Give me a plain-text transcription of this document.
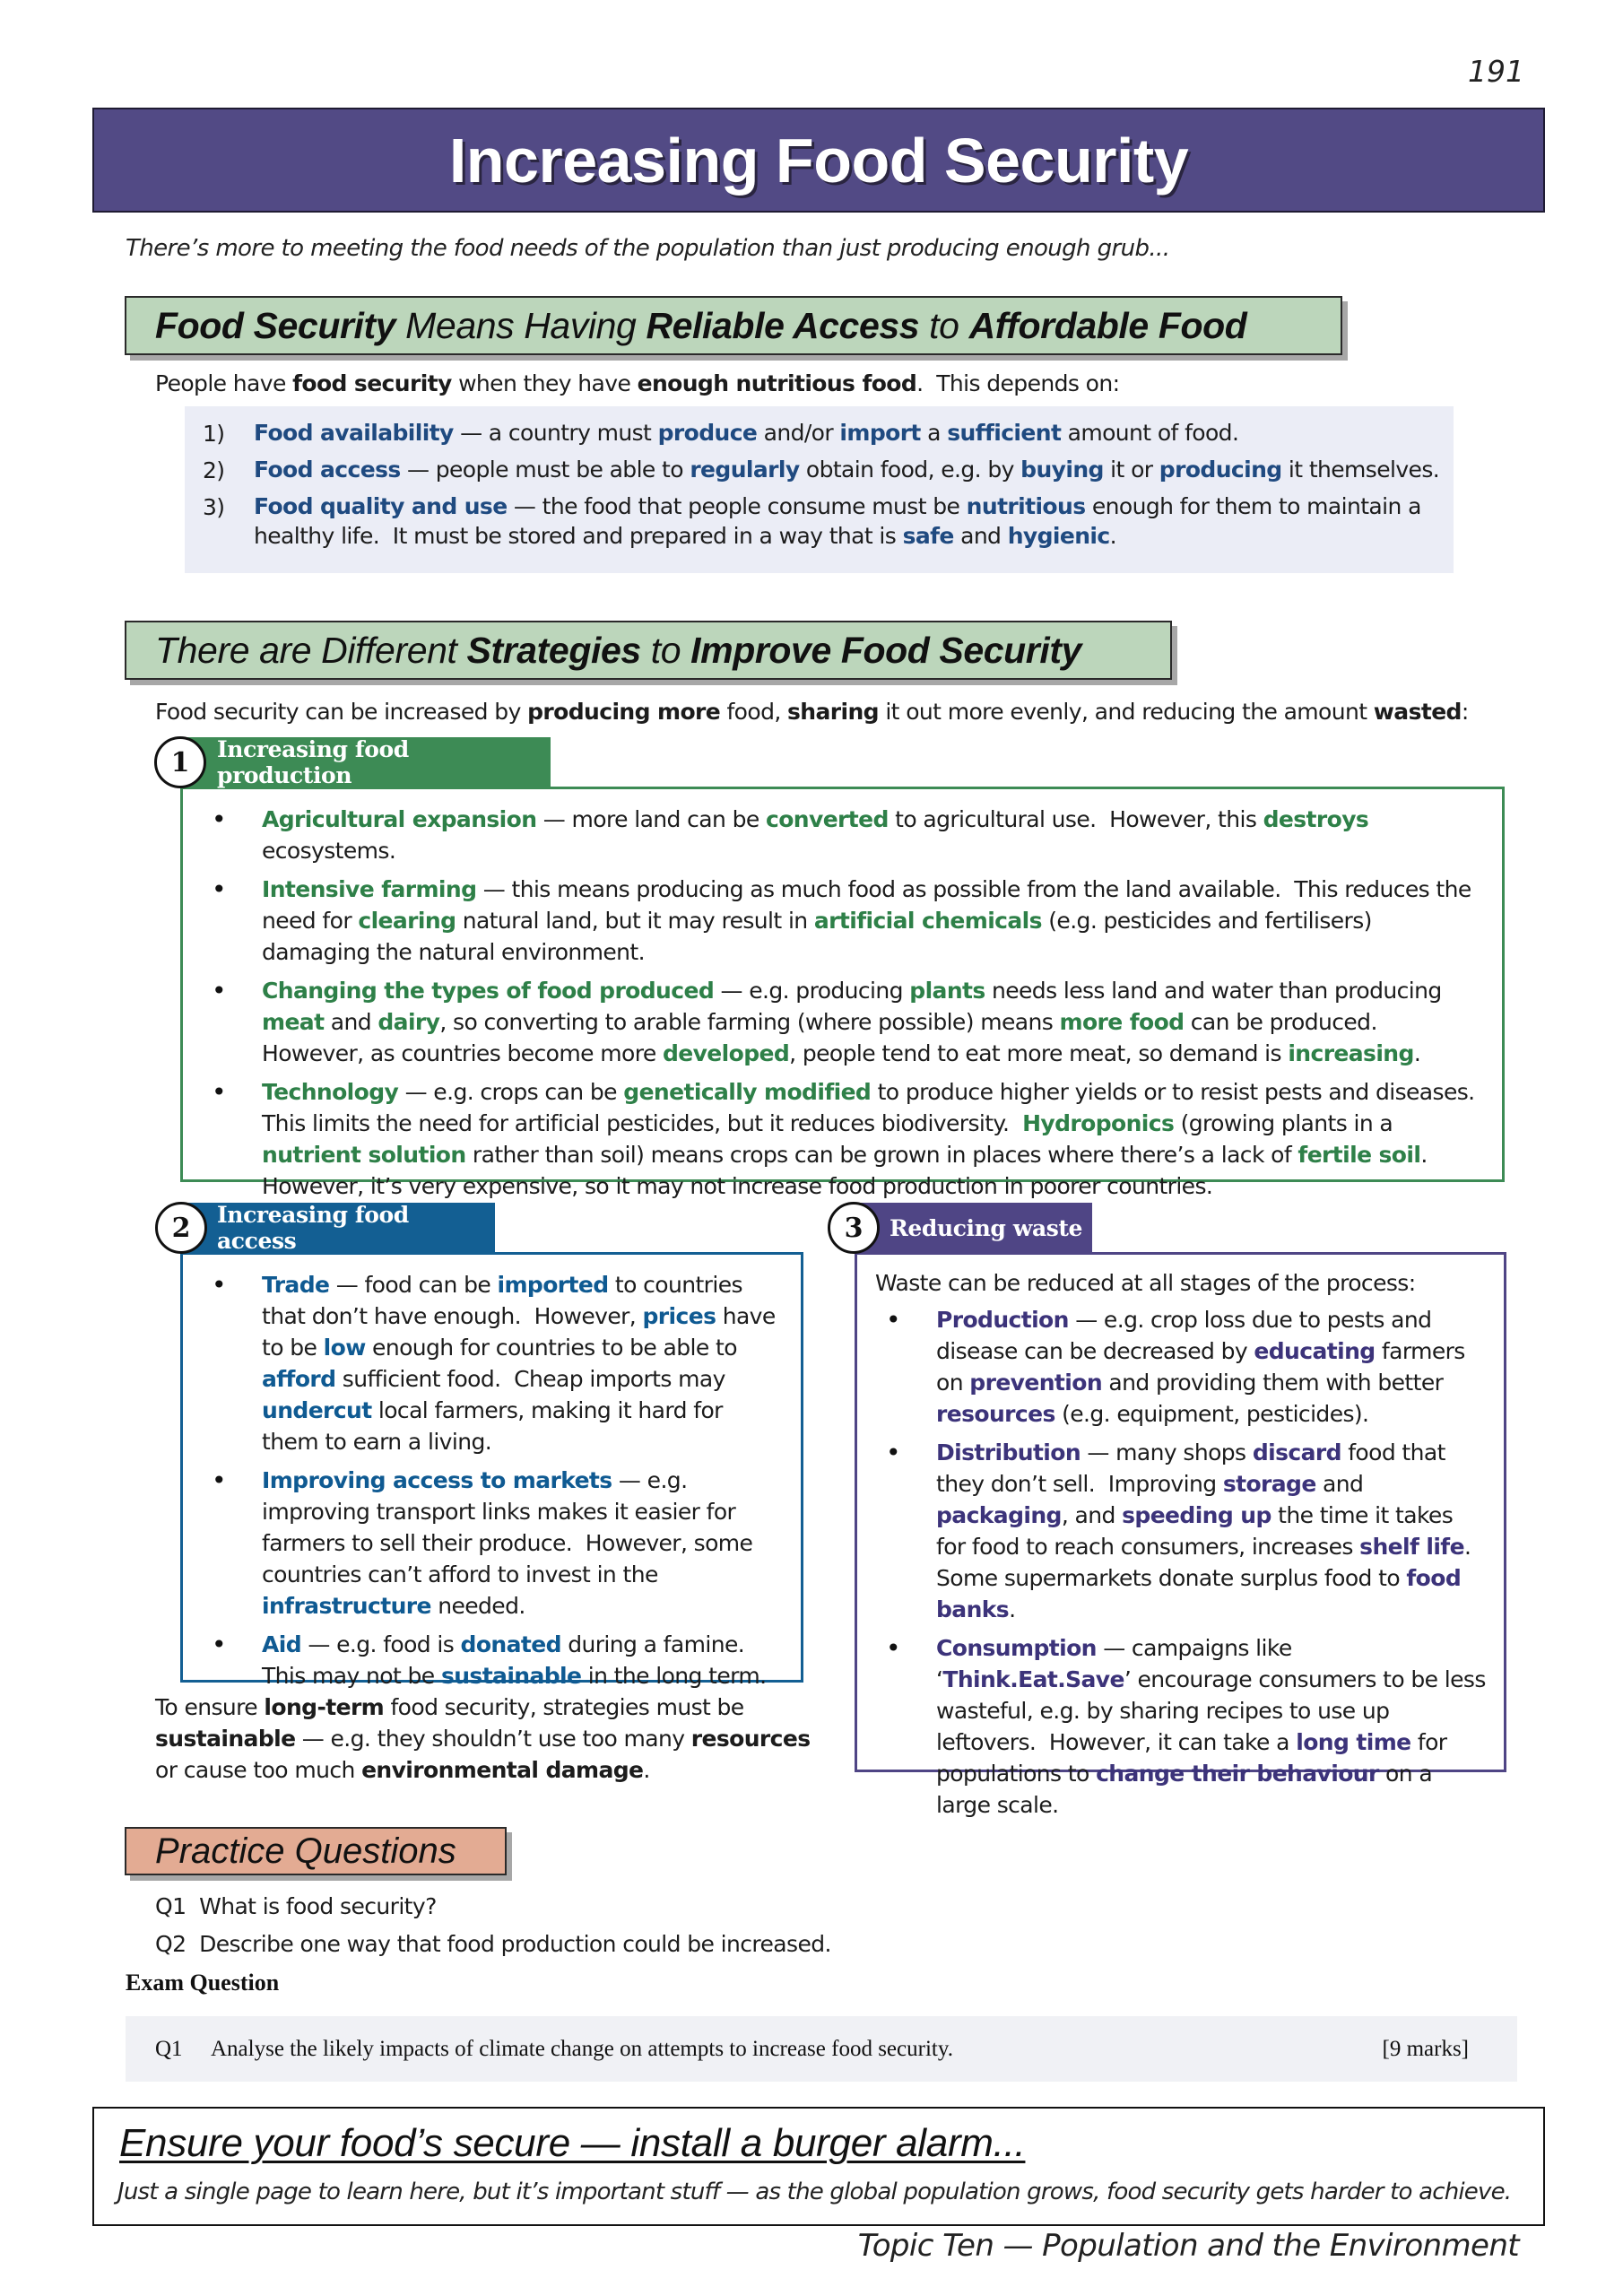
191
Increasing Food Security
There’s more to meeting the food needs of the population than just producing enough grub...
Food Security Means Having Reliable Access to Affordable Food
People have food security when they have enough nutritious food.  This depends on:
1)	Food availability — a country must produce and/or import a sufficient amount of food.
2)	Food access — people must be able to regularly obtain food, e.g. by buying it or producing it themselves.
3)	Food quality and use — the food that people consume must be nutritious enough for them to maintain a healthy life.  It must be stored and prepared in a way that is safe and hygienic.
There are Different Strategies to Improve Food Security
Food security can be increased by producing more food, sharing it out more evenly, and reducing the amount wasted:
1	Increasing food production
• Agricultural expansion — more land can be converted to agricultural use.  However, this destroys ecosystems.
• Intensive farming — this means producing as much food as possible from the land available.  This reduces the need for clearing natural land, but it may result in artificial chemicals (e.g. pesticides and fertilisers) damaging the natural environment.
• Changing the types of food produced — e.g. producing plants needs less land and water than producing meat and dairy, so converting to arable farming (where possible) means more food can be produced.  However, as countries become more developed, people tend to eat more meat, so demand is increasing.
• Technology — e.g. crops can be genetically modified to produce higher yields or to resist pests and diseases.  This limits the need for artificial pesticides, but it reduces biodiversity.  Hydroponics (growing plants in a nutrient solution rather than soil) means crops can be grown in places where there’s a lack of fertile soil.  However, it’s very expensive, so it may not increase food production in poorer countries.
2	Increasing food access
• Trade — food can be imported to countries that don’t have enough.  However, prices have to be low enough for countries to be able to afford sufficient food.  Cheap imports may undercut local farmers, making it hard for them to earn a living.
• Improving access to markets — e.g. improving transport links makes it easier for farmers to sell their produce.  However, some countries can’t afford to invest in the infrastructure needed.
• Aid — e.g. food is donated during a famine.  This may not be sustainable in the long term.
To ensure long-term food security, strategies must be sustainable — e.g. they shouldn’t use too many resources or cause too much environmental damage.
3	Reducing waste
Waste can be reduced at all stages of the process:
• Production — e.g. crop loss due to pests and disease can be decreased by educating farmers on prevention and providing them with better resources (e.g. equipment, pesticides).
• Distribution — many shops discard food that they don’t sell.  Improving storage and packaging, and speeding up the time it takes for food to reach consumers, increases shelf life.  Some supermarkets donate surplus food to food banks.
• Consumption — campaigns like ‘Think.Eat.Save’ encourage consumers to be less wasteful, e.g. by sharing recipes to use up leftovers.  However, it can take a long time for populations to change their behaviour on a large scale.
Practice Questions
Q1 What is food security?
Q2 Describe one way that food production could be increased.
Exam Question
Q1	Analyse the likely impacts of climate change on attempts to increase food security.	[9 marks]
Ensure your food’s secure — install a burger alarm...
Just a single page to learn here, but it’s important stuff — as the global population grows, food security gets harder to achieve.
Topic Ten — Population and the Environment
